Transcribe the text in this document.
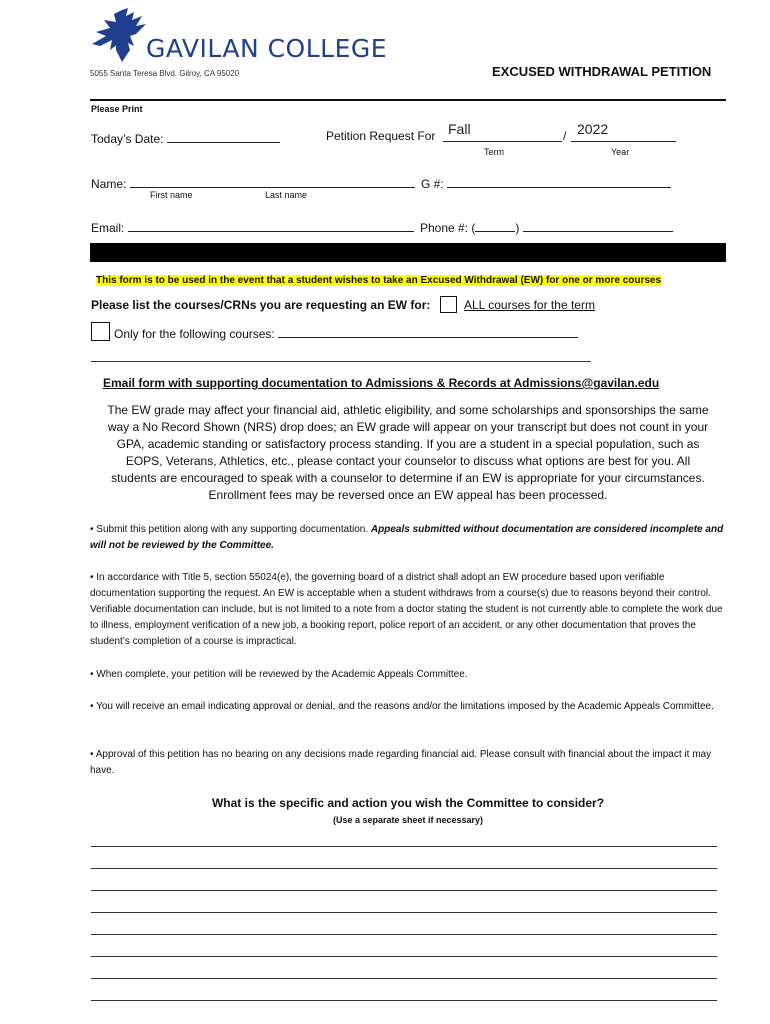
GAVILAN COLLEGE
5055 Santa Teresa Blvd. Gilroy, CA 95020	EXCUSED WITHDRAWAL PETITION
Please Print
Today’s Date:	Petition Request For Fall	/ 2022
Term	Year
Name:	G #:
First name	Last name
Email:	Phone #: (	)
This form is to be used in the event that a student wishes to take an Excused Withdrawal (EW) for one or more courses
Please list the courses/CRNs you are requesting an EW for:	ALL courses for the term
Only for the following courses:
Email form with supporting documentation to Admissions & Records at Admissions@gavilan.edu
The EW grade may affect your financial aid, athletic eligibility, and some scholarships and sponsorships the same
way a No Record Shown (NRS) drop does; an EW grade will appear on your transcript but does not count in your
GPA, academic standing or satisfactory process standing. If you are a student in a special population, such as
EOPS, Veterans, Athletics, etc., please contact your counselor to discuss what options are best for you. All
students are encouraged to speak with a counselor to determine if an EW is appropriate for your circumstances.
Enrollment fees may be reversed once an EW appeal has been processed.
• Submit this petition along with any supporting documentation. Appeals submitted without documentation are considered incomplete and will not be reviewed by the Committee.
• In accordance with Title 5, section 55024(e), the governing board of a district shall adopt an EW procedure based upon verifiable documentation supporting the request. An EW is acceptable when a student withdraws from a course(s) due to reasons beyond their control. Verifiable documentation can include, but is not limited to a note from a doctor stating the student is not currently able to complete the work due to illness, employment verification of a new job, a booking report, police report of an accident, or any other documentation that proves the student’s completion of a course is impractical.
• When complete, your petition will be reviewed by the Academic Appeals Committee.
• You will receive an email indicating approval or denial, and the reasons and/or the limitations imposed by the Academic Appeals Committee.
• Approval of this petition has no bearing on any decisions made regarding financial aid. Please consult with financial about the impact it may have.
What is the specific and action you wish the Committee to consider?
(Use a separate sheet if necessary)
